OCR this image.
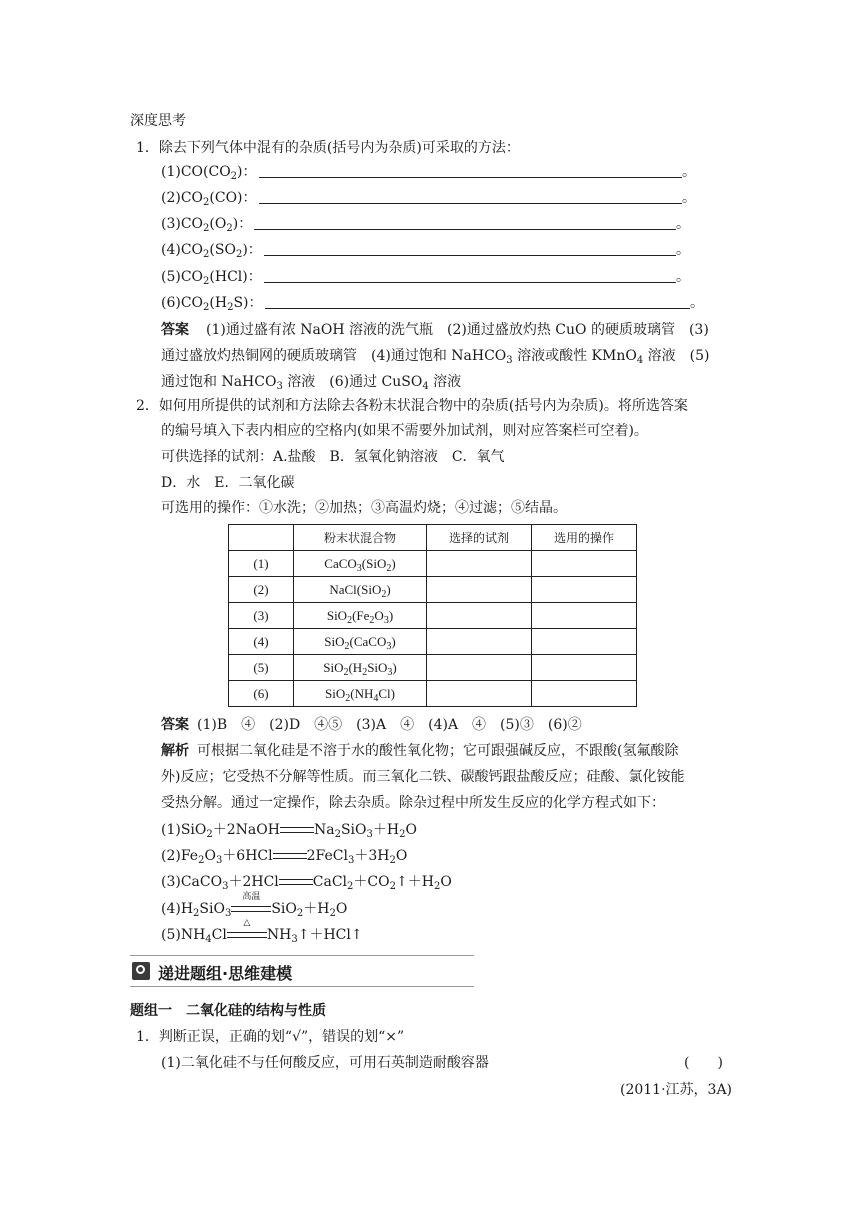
深度思考
1．除去下列气体中混有的杂质(括号内为杂质)可采取的方法：
$(1)CO(CO_2)$：	。
$(2)CO_2(CO)$：	。
$(3)CO_2(O_2)$：	。
$(4)CO_2(SO_2)$：	。
$(5)CO_2(HCl)$：	。
$(6)CO_2(H_2S)$：	。
答案 (1)通过盛有浓 NaOH 溶液的洗气瓶　(2)通过盛放灼热 CuO 的硬质玻璃管　(3)
通过盛放灼热铜网的硬质玻璃管　(4)通过饱和 NaHCO$_3$ 溶液或酸性 KMnO$_4$ 溶液　(5)
通过饱和 NaHCO$_3$ 溶液　(6)通过 CuSO$_4$ 溶液
2．如何用所提供的试剂和方法除去各粉末状混合物中的杂质(括号内为杂质)。将所选答案
的编号填入下表内相应的空格内(如果不需要外加试剂，则对应答案栏可空着)。
可供选择的试剂：A.盐酸　B．氢氧化钠溶液　C．氧气
D．水　E．二氧化碳
可选用的操作：①水洗；②加热；③高温灼烧；④过滤；⑤结晶。
	粉末状混合物	选择的试剂	选用的操作
(1)	CaCO$_3$(SiO$_2$)		
(2)	NaCl(SiO$_2$)		
(3)	$SiO_2(Fe_2O_3)$		
(4)	SiO$_2$(CaCO$_3$)		
(5)	$SiO_2(H_2SiO_3)$		
(6)	$SiO_2(NH_4Cl)$		
答案 (1)B　④　(2)D　④⑤　(3)A　④　(4)A　④　(5)③　(6)②
解析 可根据二氧化硅是不溶于水的酸性氧化物；它可跟强碱反应，不跟酸(氢氟酸除
外)反应；它受热不分解等性质。而三氧化二铁、碳酸钙跟盐酸反应；硅酸、氯化铵能
受热分解。通过一定操作，除去杂质。除杂过程中所发生反应的化学方程式如下：
(1)SiO$_2$＋2NaOH $Na_2SiO_3+H_2O$
$(2)Fe_2O_3+6HCl$ $2FeCl_3+3H_2O$
(3)CaCO$_3$＋2HCl $CaCl_2+CO_2↑+H_2O$
$(4)H_2SiO_3$
高温
$SiO_2+H_2O$
$(5)NH_4Cl$
△
$NH_3↑+HCl↑$
递进题组·思维建模
题组一　二氧化硅的结构与性质
1．判断正误，正确的划“√”，错误的划“×”
(1)二氧化硅不与任何酸反应，可用石英制造耐酸容器	(　　)
(2011·江苏，3A)
